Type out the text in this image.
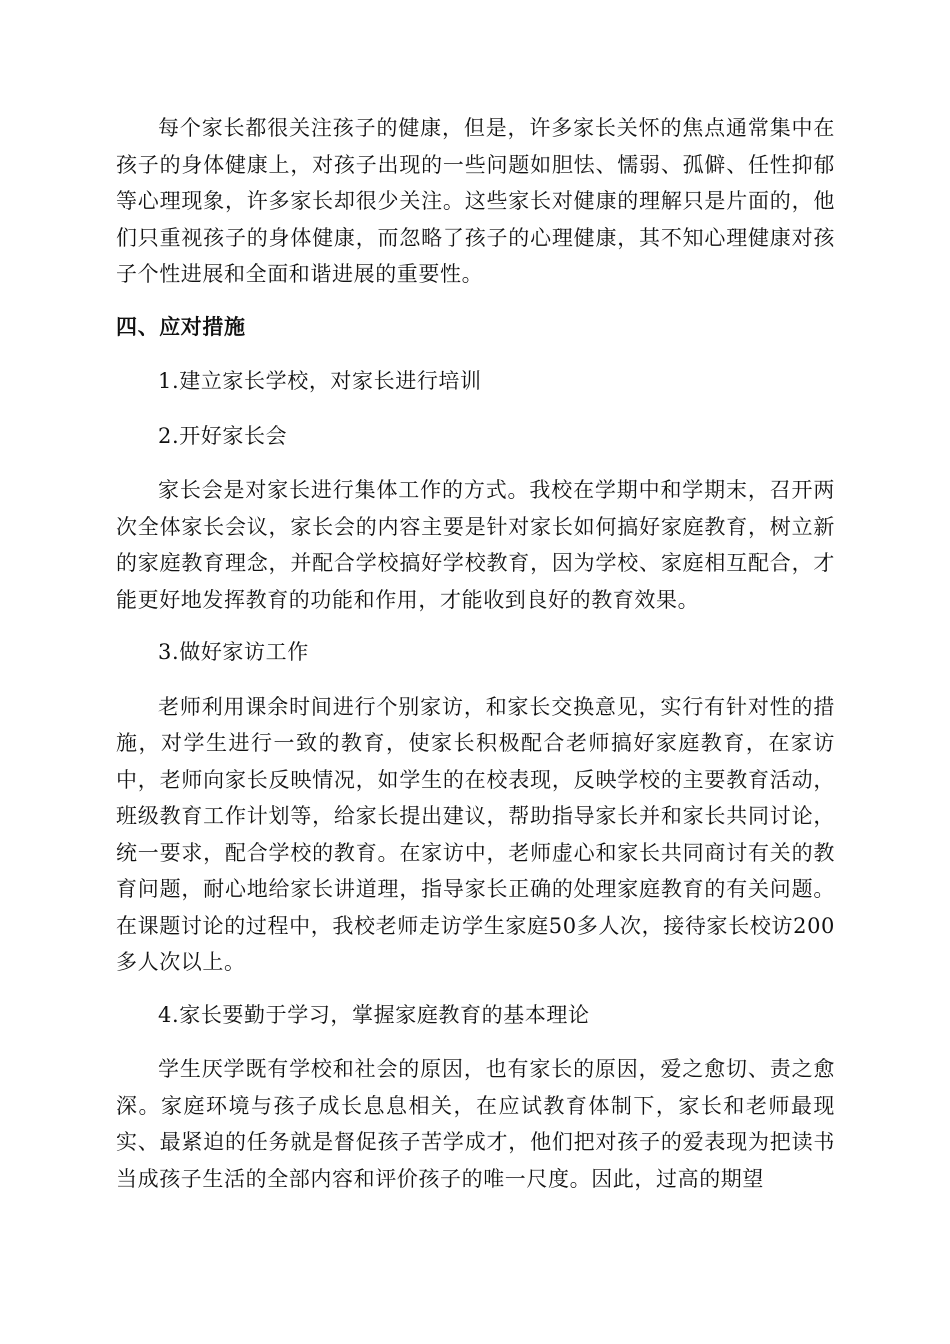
每个家长都很关注孩子的健康，但是，许多家长关怀的焦点通常集中在孩子的身体健康上，对孩子出现的一些问题如胆怯、懦弱、孤僻、任性抑郁等心理现象，许多家长却很少关注。这些家长对健康的理解只是片面的，他们只重视孩子的身体健康，而忽略了孩子的心理健康，其不知心理健康对孩子个性进展和全面和谐进展的重要性。

四、应对措施

1.建立家长学校，对家长进行培训

2.开好家长会

家长会是对家长进行集体工作的方式。我校在学期中和学期末，召开两次全体家长会议，家长会的内容主要是针对家长如何搞好家庭教育，树立新的家庭教育理念，并配合学校搞好学校教育，因为学校、家庭相互配合，才能更好地发挥教育的功能和作用，才能收到良好的教育效果。

3.做好家访工作

老师利用课余时间进行个别家访，和家长交换意见，实行有针对性的措施，对学生进行一致的教育，使家长积极配合老师搞好家庭教育，在家访中，老师向家长反映情况，如学生的在校表现，反映学校的主要教育活动，班级教育工作计划等，给家长提出建议，帮助指导家长并和家长共同讨论，统一要求，配合学校的教育。在家访中，老师虚心和家长共同商讨有关的教育问题，耐心地给家长讲道理，指导家长正确的处理家庭教育的有关问题。在课题讨论的过程中，我校老师走访学生家庭50多人次，接待家长校访200多人次以上。

4.家长要勤于学习，掌握家庭教育的基本理论

学生厌学既有学校和社会的原因，也有家长的原因，爱之愈切、责之愈深。家庭环境与孩子成长息息相关，在应试教育体制下，家长和老师最现实、最紧迫的任务就是督促孩子苦学成才，他们把对孩子的爱表现为把读书当成孩子生活的全部内容和评价孩子的唯一尺度。因此，过高的期望
